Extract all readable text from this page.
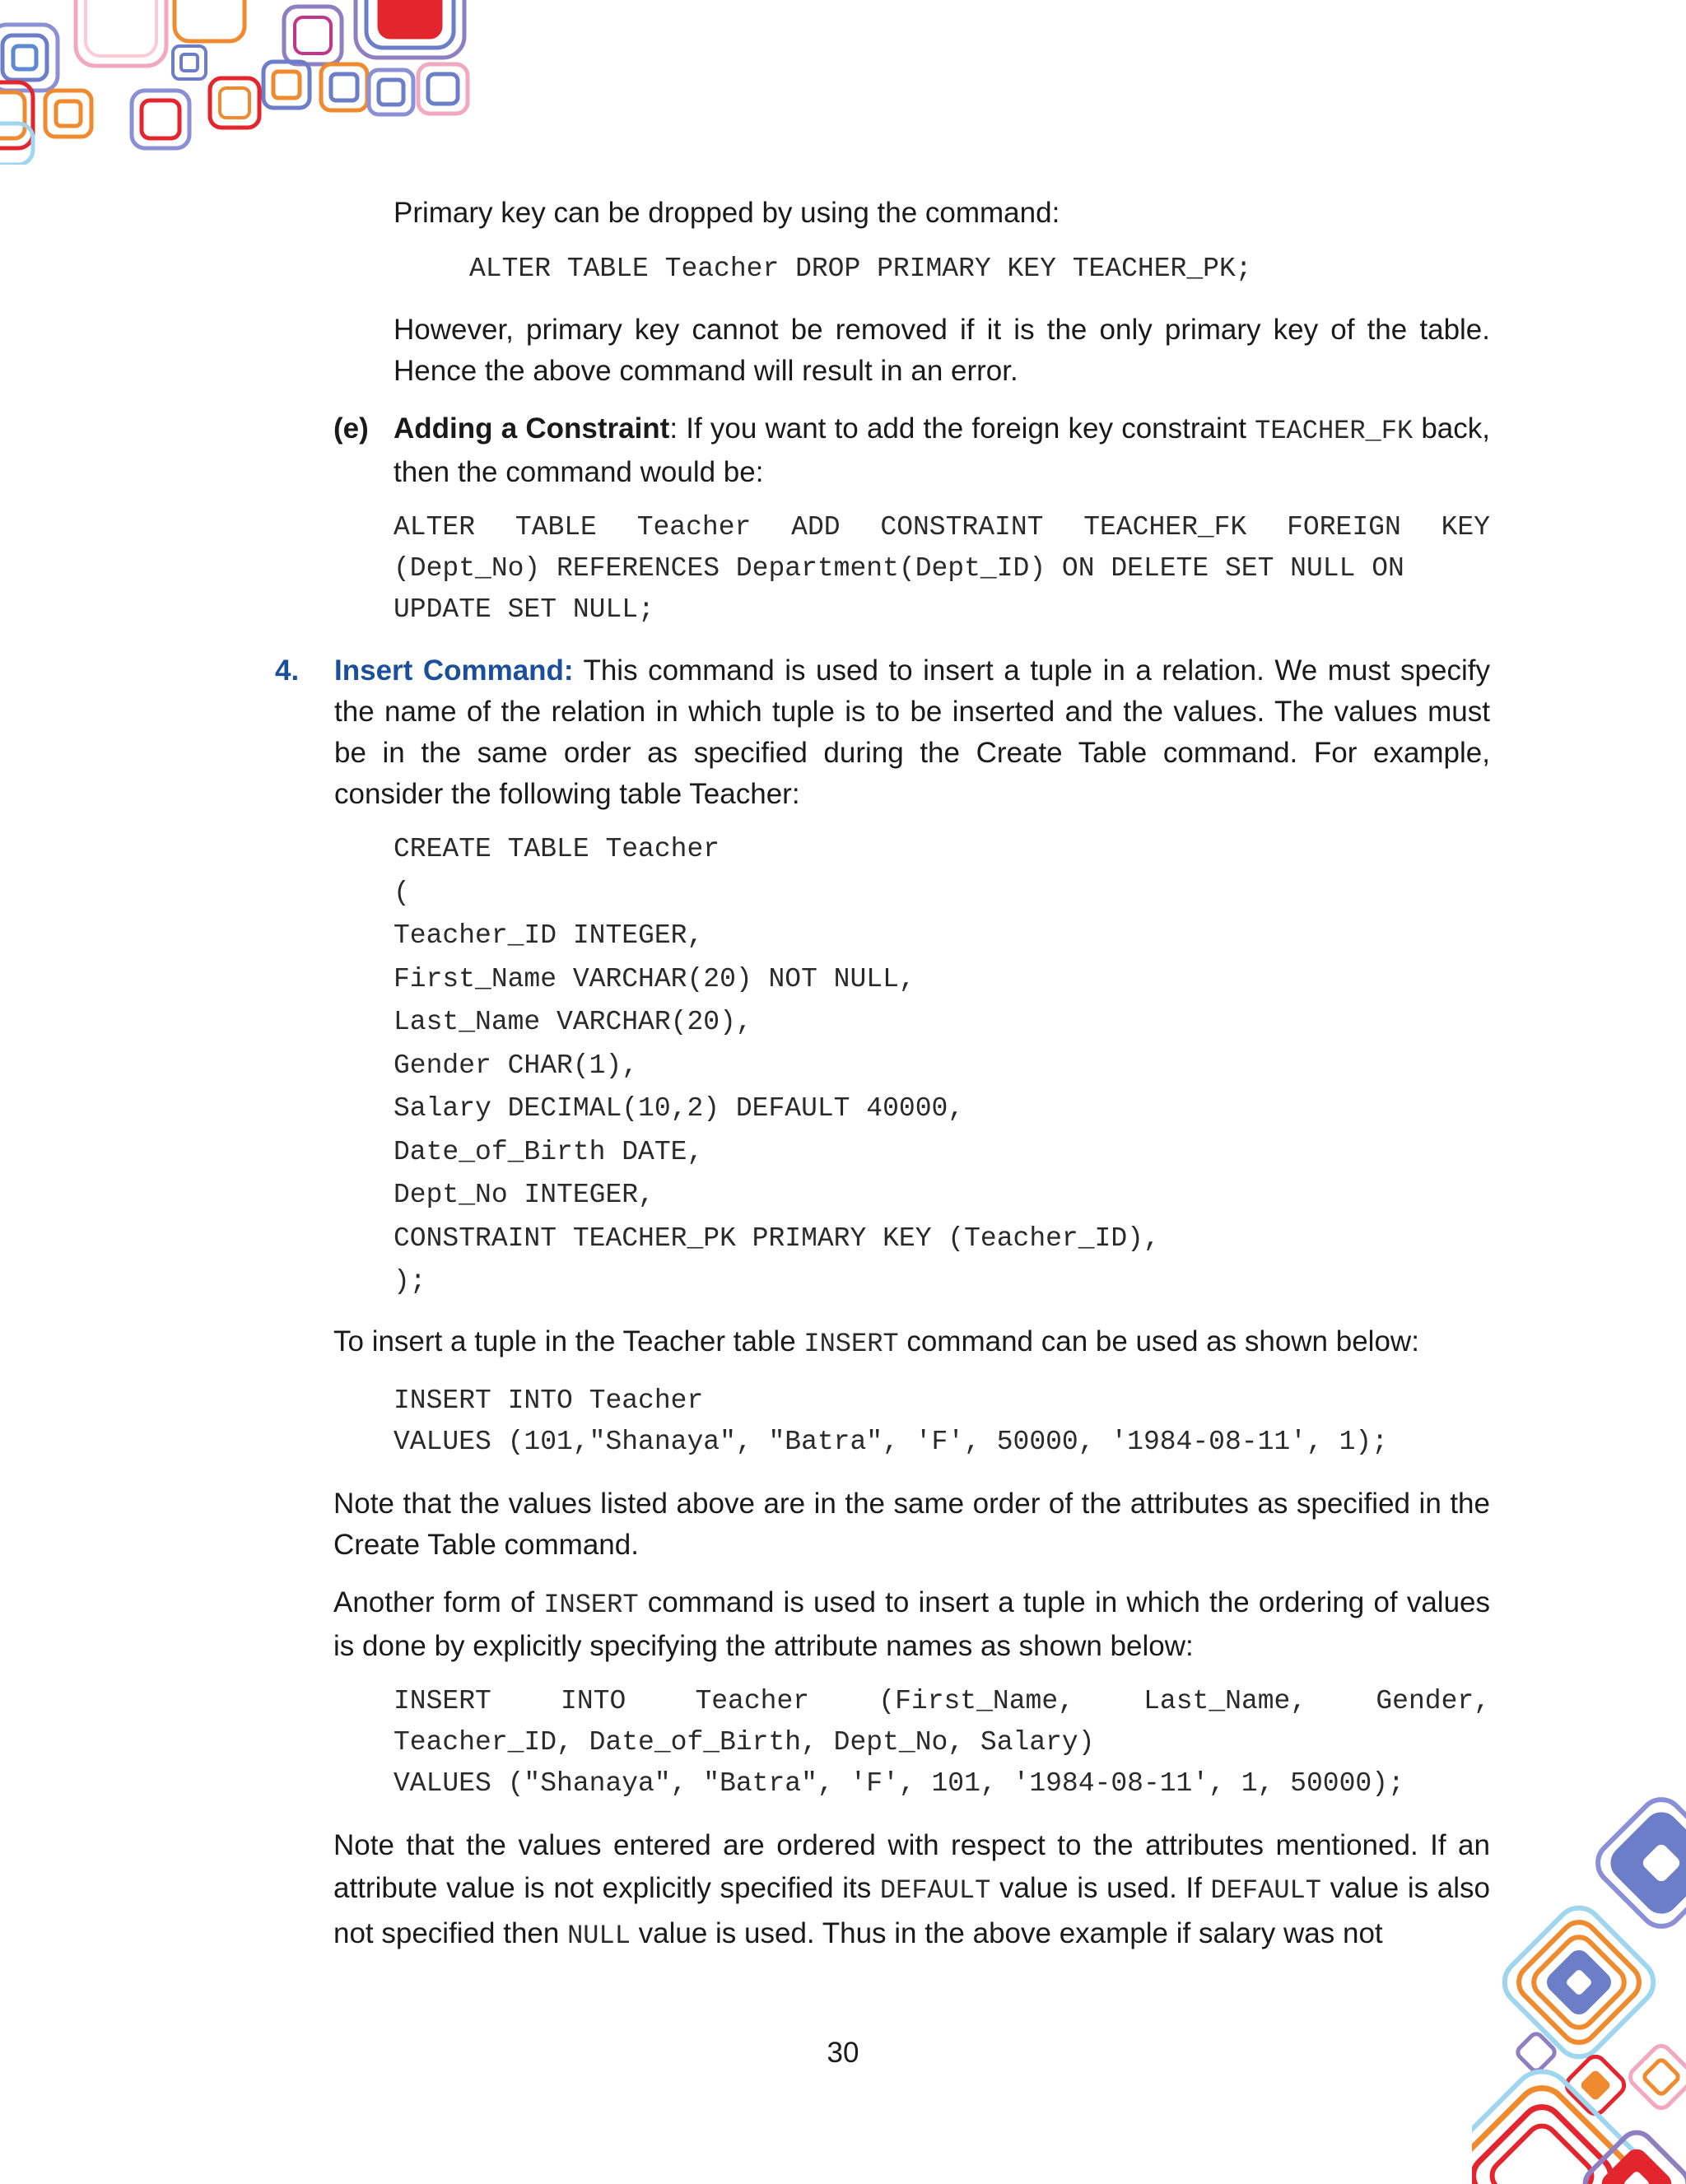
Primary key can be dropped by using the command:

ALTER TABLE Teacher DROP PRIMARY KEY TEACHER_PK;

However, primary key cannot be removed if it is the only primary key of the table. Hence the above command will result in an error.

(e) Adding a Constraint: If you want to add the foreign key constraint TEACHER_FK back, then the command would be:

ALTER TABLE Teacher ADD CONSTRAINT TEACHER_FK FOREIGN KEY
(Dept_No) REFERENCES Department(Dept_ID) ON DELETE SET NULL ON
UPDATE SET NULL;
4. Insert Command: This command is used to insert a tuple in a relation. We must specify the name of the relation in which tuple is to be inserted and the values. The values must be in the same order as specified during the Create Table command. For example, consider the following table Teacher:

CREATE TABLE Teacher
(
Teacher_ID INTEGER,
First_Name VARCHAR(20) NOT NULL,
Last_Name VARCHAR(20),
Gender CHAR(1),
Salary DECIMAL(10,2) DEFAULT 40000,
Date_of_Birth DATE,
Dept_No INTEGER,
CONSTRAINT TEACHER_PK PRIMARY KEY (Teacher_ID),
);

To insert a tuple in the Teacher table INSERT command can be used as shown below:

INSERT INTO Teacher
VALUES (101,"Shanaya", "Batra", 'F', 50000, '1984-08-11', 1);

Note that the values listed above are in the same order of the attributes as specified in the Create Table command.

Another form of INSERT command is used to insert a tuple in which the ordering of values is done by explicitly specifying the attribute names as shown below:

INSERT INTO Teacher (First_Name, Last_Name, Gender,
Teacher_ID, Date_of_Birth, Dept_No, Salary)
VALUES ("Shanaya", "Batra", 'F', 101, '1984-08-11', 1, 50000);

Note that the values entered are ordered with respect to the attributes mentioned. If an attribute value is not explicitly specified its DEFAULT value is used. If DEFAULT value is also not specified then NULL value is used. Thus in the above example if salary was not

30
